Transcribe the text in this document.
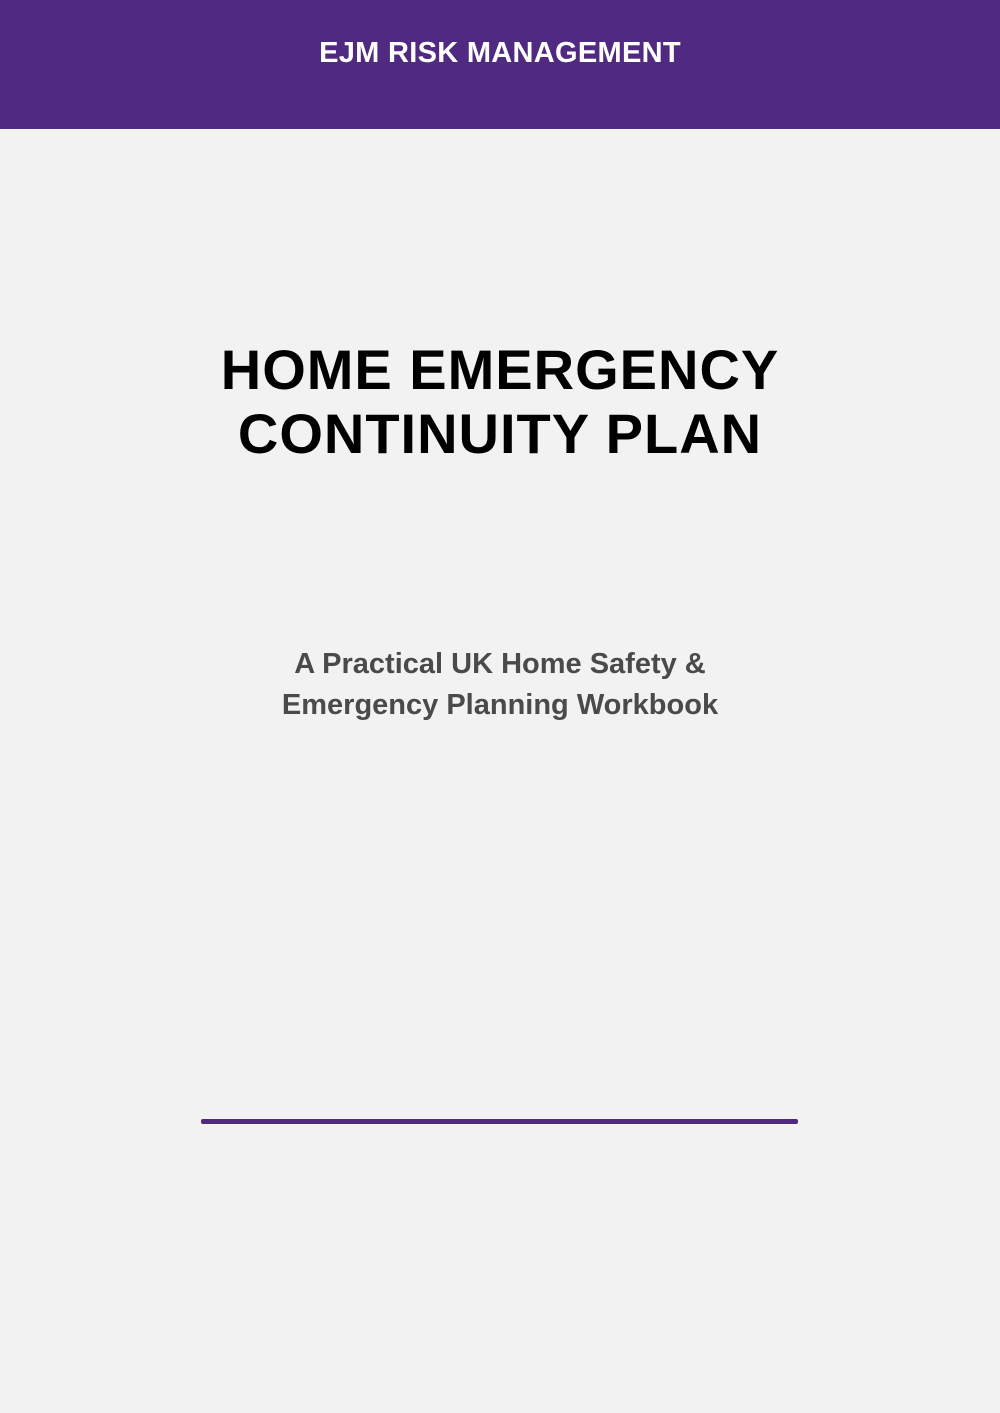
EJM RISK MANAGEMENT

HOME EMERGENCY
CONTINUITY PLAN
A Practical UK Home Safety &
Emergency Planning Workbook
